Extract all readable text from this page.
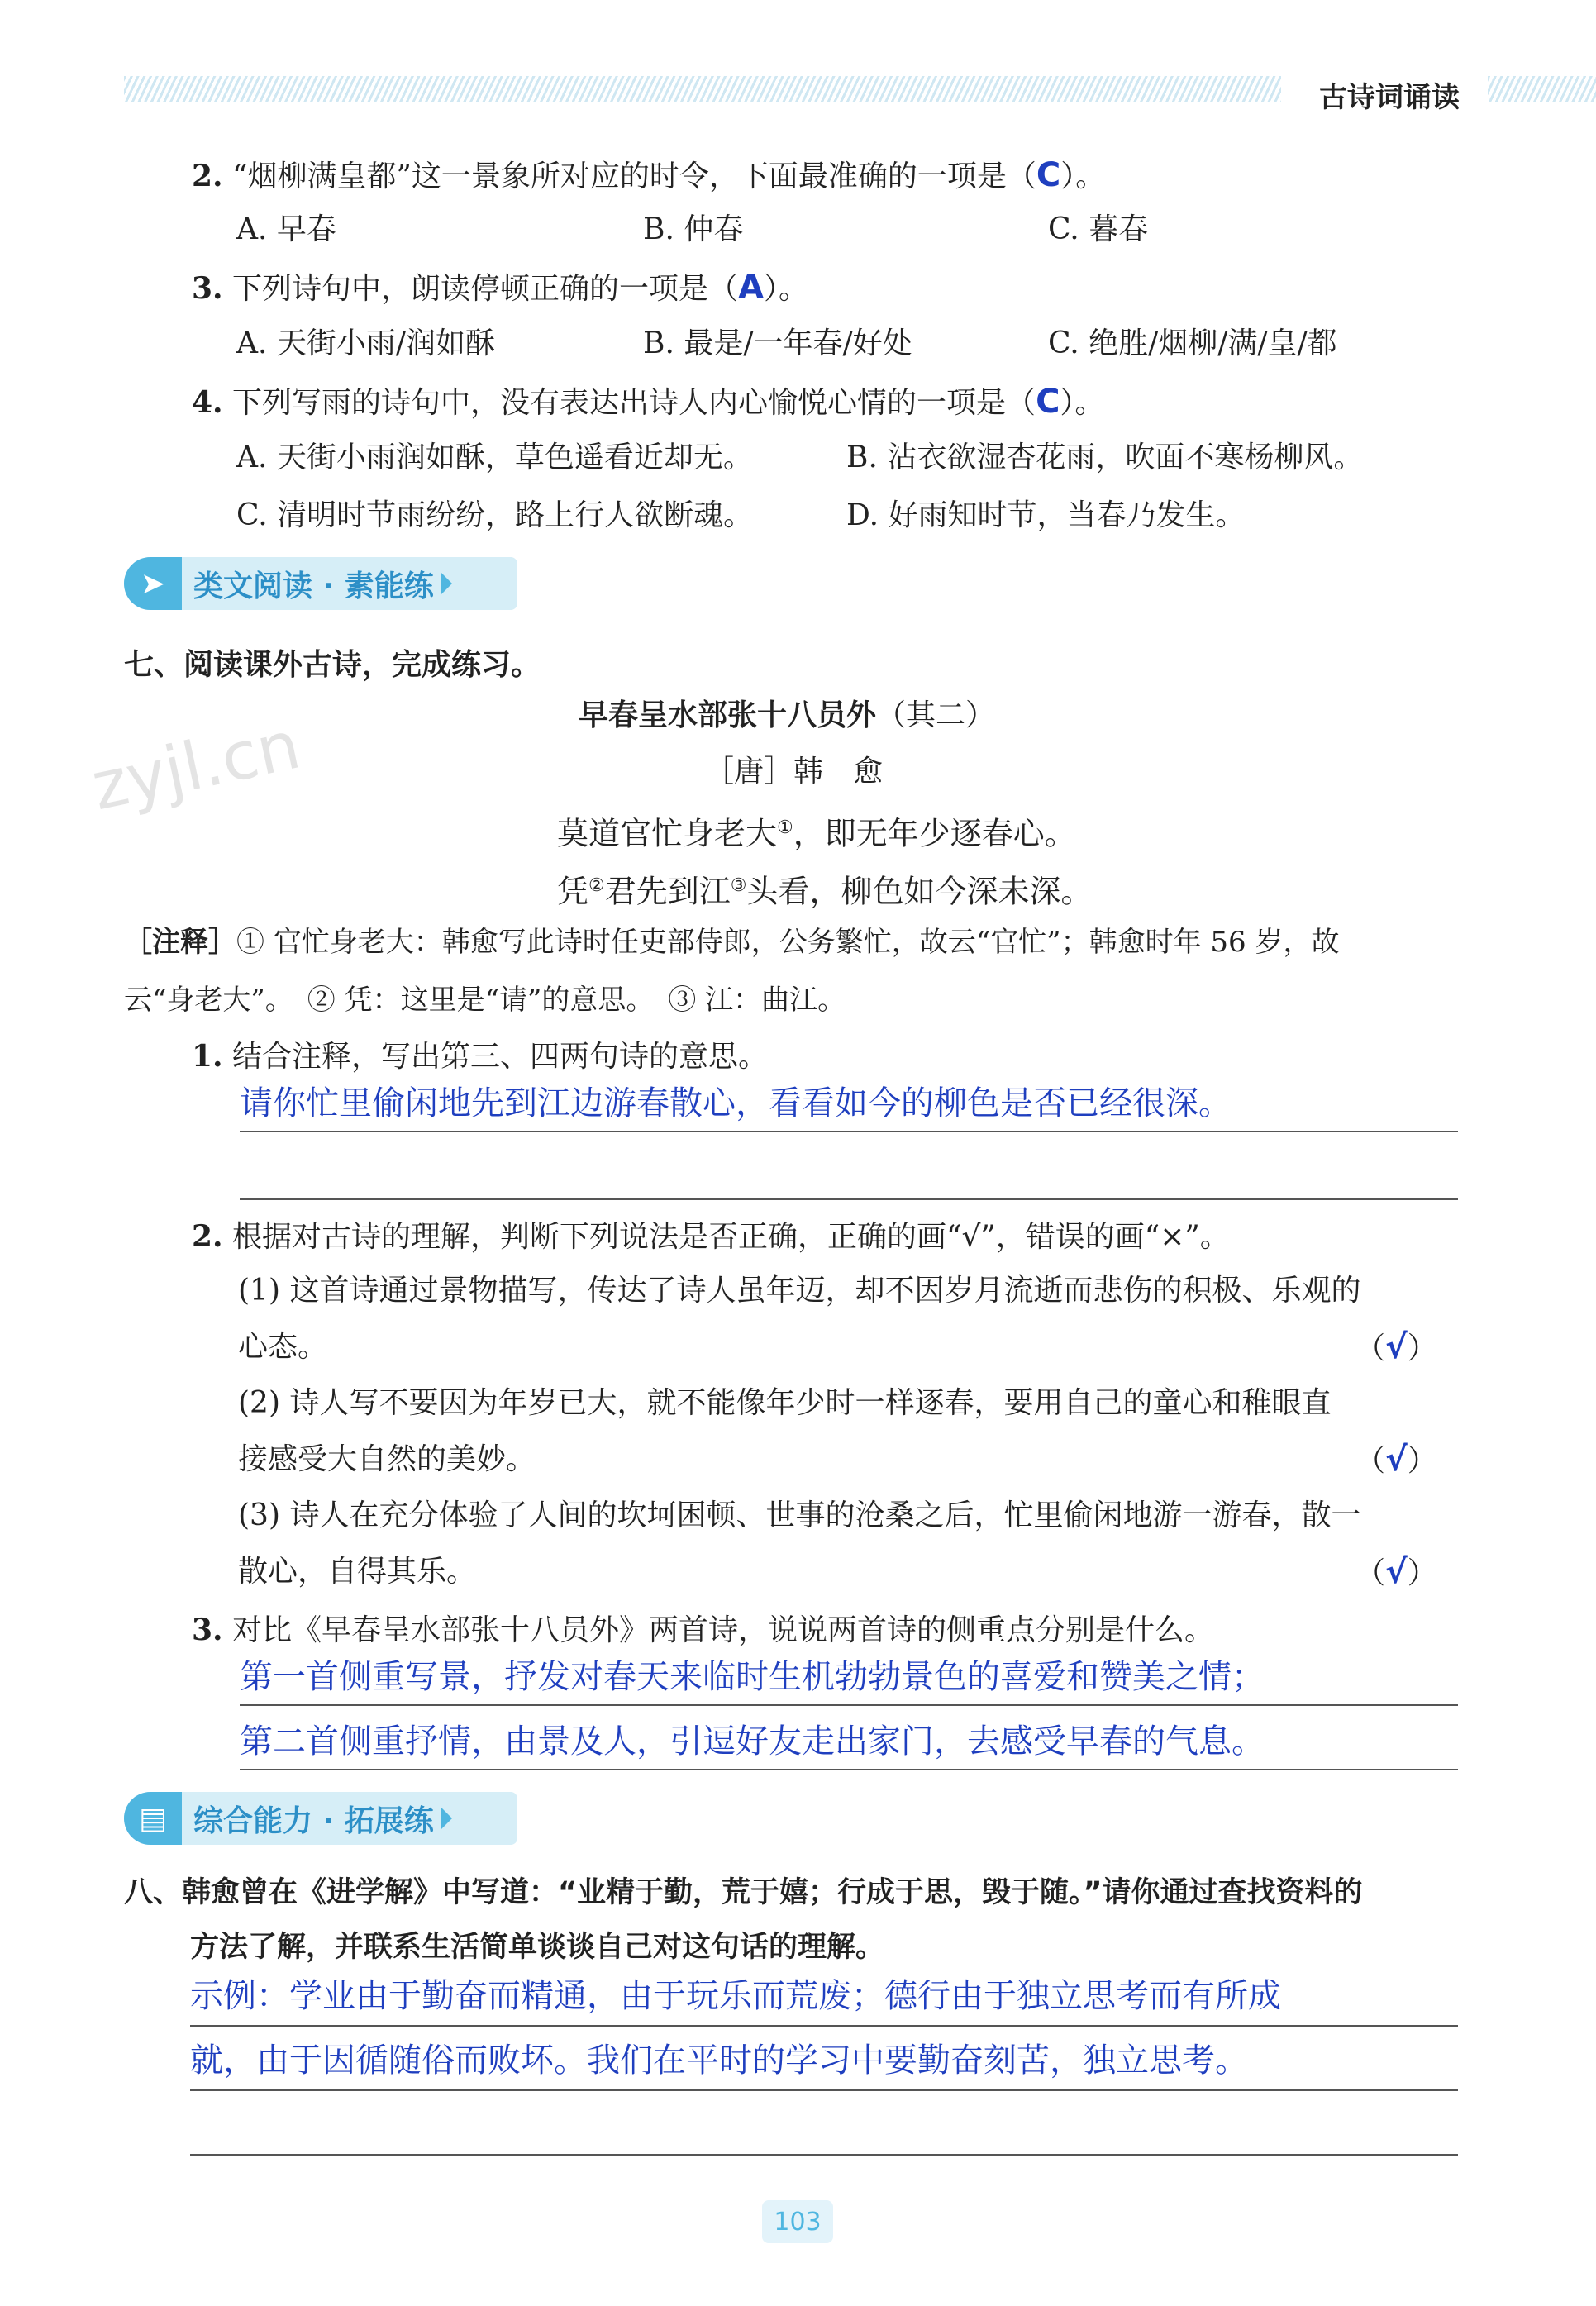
古诗词诵读
2. “烟柳满皇都”这一景象所对应的时令，下面最准确的一项是（C）。
A. 早春	B. 仲春	C. 暮春
3. 下列诗句中，朗读停顿正确的一项是（A）。
A. 天街小雨/润如酥	B. 最是/一年春/好处	C. 绝胜/烟柳/满/皇/都
4. 下列写雨的诗句中，没有表达出诗人内心愉悦心情的一项是（C）。
A. 天街小雨润如酥，草色遥看近却无。	B. 沾衣欲湿杏花雨，吹面不寒杨柳风。
C. 清明时节雨纷纷，路上行人欲断魂。	D. 好雨知时节，当春乃发生。
➤ 类文阅读 · 素能练
七、阅读课外古诗，完成练习。
zyjl.cn	早春呈水部张十八员外（其二）
［唐］韩　愈
莫道官忙身老大①，即无年少逐春心。
凭②君先到江③头看，柳色如今深未深。
［注释］① 官忙身老大：韩愈写此诗时任吏部侍郎，公务繁忙，故云“官忙”；韩愈时年 56 岁，故
云“身老大”。　② 凭：这里是“请”的意思。　③ 江：曲江。
1. 结合注释，写出第三、四两句诗的意思。
请你忙里偷闲地先到江边游春散心，看看如今的柳色是否已经很深。
2. 根据对古诗的理解，判断下列说法是否正确，正确的画“√”，错误的画“×”。
(1) 这首诗通过景物描写，传达了诗人虽年迈，却不因岁月流逝而悲伤的积极、乐观的
心态。	（√）
(2) 诗人写不要因为年岁已大，就不能像年少时一样逐春，要用自己的童心和稚眼直
接感受大自然的美妙。	（√）
(3) 诗人在充分体验了人间的坎坷困顿、世事的沧桑之后，忙里偷闲地游一游春，散一
散心，自得其乐。	（√）
3. 对比《早春呈水部张十八员外》两首诗，说说两首诗的侧重点分别是什么。
第一首侧重写景，抒发对春天来临时生机勃勃景色的喜爱和赞美之情；
第二首侧重抒情，由景及人，引逗好友走出家门，去感受早春的气息。
▤ 综合能力 · 拓展练
八、韩愈曾在《进学解》中写道：“业精于勤，荒于嬉；行成于思，毁于随。”请你通过查找资料的
方法了解，并联系生活简单谈谈自己对这句话的理解。
示例：学业由于勤奋而精通，由于玩乐而荒废；德行由于独立思考而有所成
就，由于因循随俗而败坏。我们在平时的学习中要勤奋刻苦，独立思考。
103
